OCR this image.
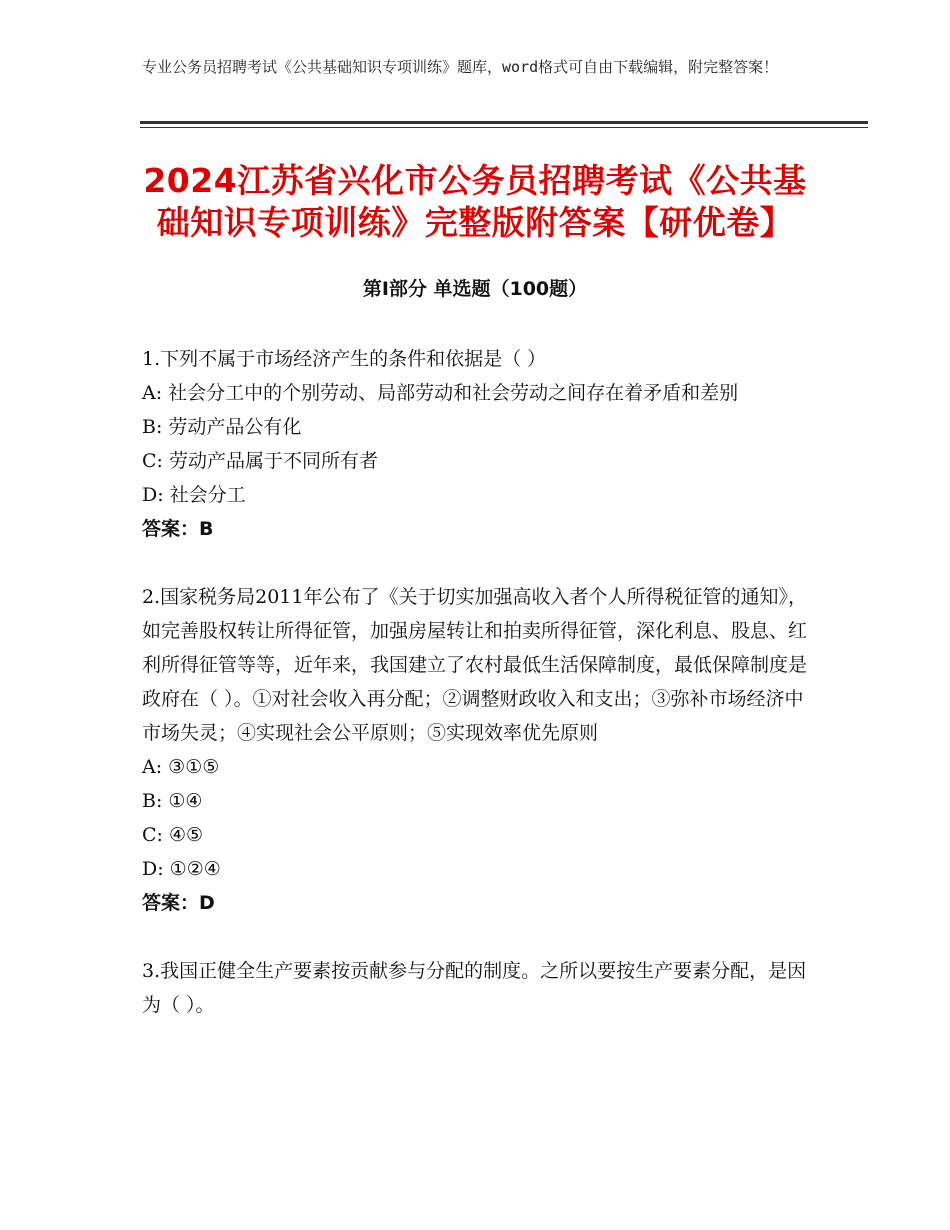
专业公务员招聘考试《公共基础知识专项训练》题库，word格式可自由下载编辑，附完整答案！
2024江苏省兴化市公务员招聘考试《公共基础知识专项训练》完整版附答案【研优卷】
第Ⅰ部分 单选题（100题）
1.下列不属于市场经济产生的条件和依据是（ ）
A: 社会分工中的个别劳动、局部劳动和社会劳动之间存在着矛盾和差别
B: 劳动产品公有化
C: 劳动产品属于不同所有者
D: 社会分工
答案：B
2.国家税务局2011年公布了《关于切实加强高收入者个人所得税征管的通知》，如完善股权转让所得征管，加强房屋转让和拍卖所得征管，深化利息、股息、红利所得征管等等，近年来，我国建立了农村最低生活保障制度，最低保障制度是政府在（ ）。①对社会收入再分配；②调整财政收入和支出；③弥补市场经济中市场失灵；④实现社会公平原则；⑤实现效率优先原则
A: ③①⑤
B: ①④
C: ④⑤
D: ①②④
答案：D
3.我国正健全生产要素按贡献参与分配的制度。之所以要按生产要素分配，是因为（ ）。
